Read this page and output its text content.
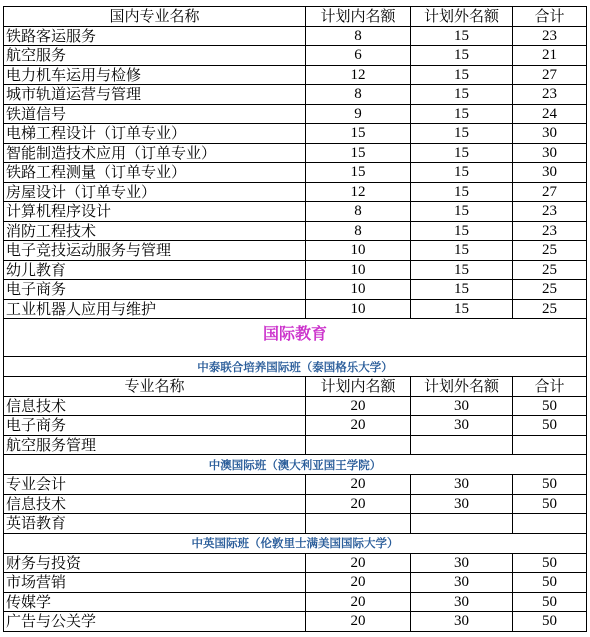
国内专业名称	计划内名额	计划外名额	合计
铁路客运服务	8	15	23
航空服务	6	15	21
电力机车运用与检修	12	15	27
城市轨道运营与管理	8	15	23
铁道信号	9	15	24
电梯工程设计（订单专业）	15	15	30
智能制造技术应用（订单专业）	15	15	30
铁路工程测量（订单专业）	15	15	30
房屋设计（订单专业）	12	15	27
计算机程序设计	8	15	23
消防工程技术	8	15	23
电子竞技运动服务与管理	10	15	25
幼儿教育	10	15	25
电子商务	10	15	25
工业机器人应用与维护	10	15	25
国际教育			
中泰联合培养国际班（泰国格乐大学）			
专业名称	计划内名额	计划外名额	合计
信息技术	20	30	50
电子商务	20	30	50
航空服务管理			
中澳国际班（澳大利亚国王学院）			
专业会计	20	30	50
信息技术	20	30	50
英语教育			
中英国际班（伦敦里士满美国国际大学）			
财务与投资	20	30	50
市场营销	20	30	50
传媒学	20	30	50
广告与公关学	20	30	50
